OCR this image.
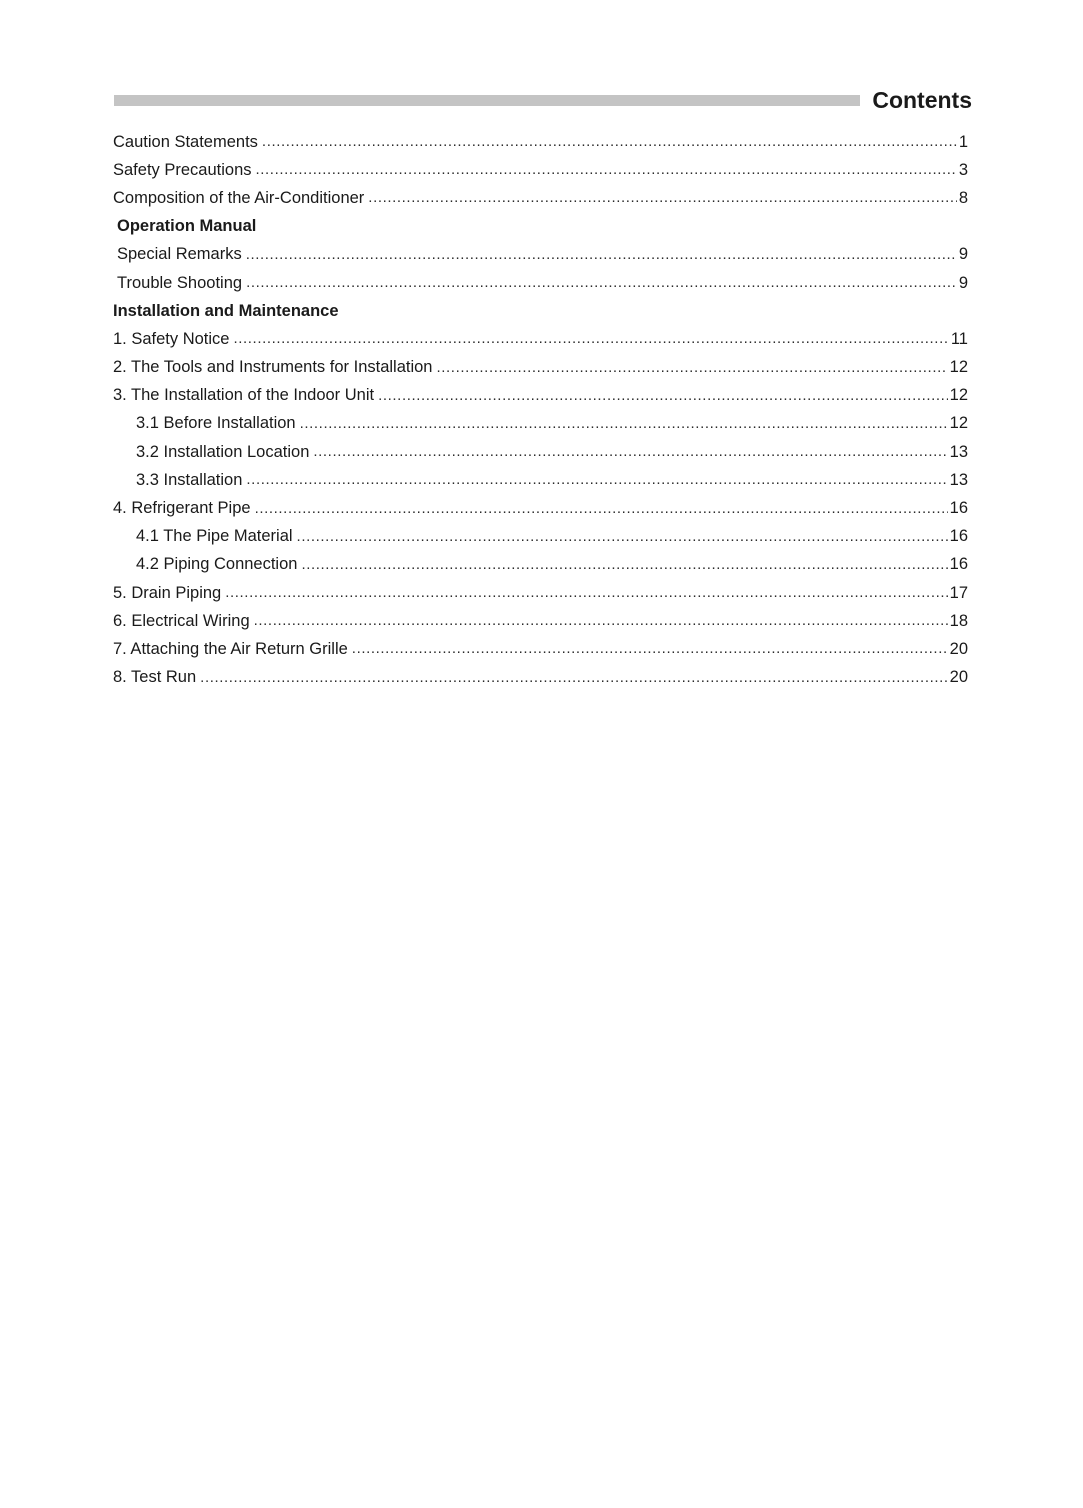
Contents
Caution Statements .....	1
Safety Precautions .....	3
Composition of the Air-Conditioner .....	8
Operation Manual
Special Remarks .....	9
Trouble Shooting .....	9
Installation and Maintenance
1. Safety Notice .....	11
2. The Tools and Instruments for Installation .....	12
3. The Installation of the Indoor Unit .....	12
3.1 Before Installation .....	12
3.2 Installation Location .....	13
3.3 Installation .....	13
4. Refrigerant Pipe .....	16
4.1 The Pipe Material .....	16
4.2 Piping Connection .....	16
5. Drain Piping .....	17
6. Electrical Wiring .....	18
7. Attaching the Air Return Grille .....	20
8. Test Run .....	20
